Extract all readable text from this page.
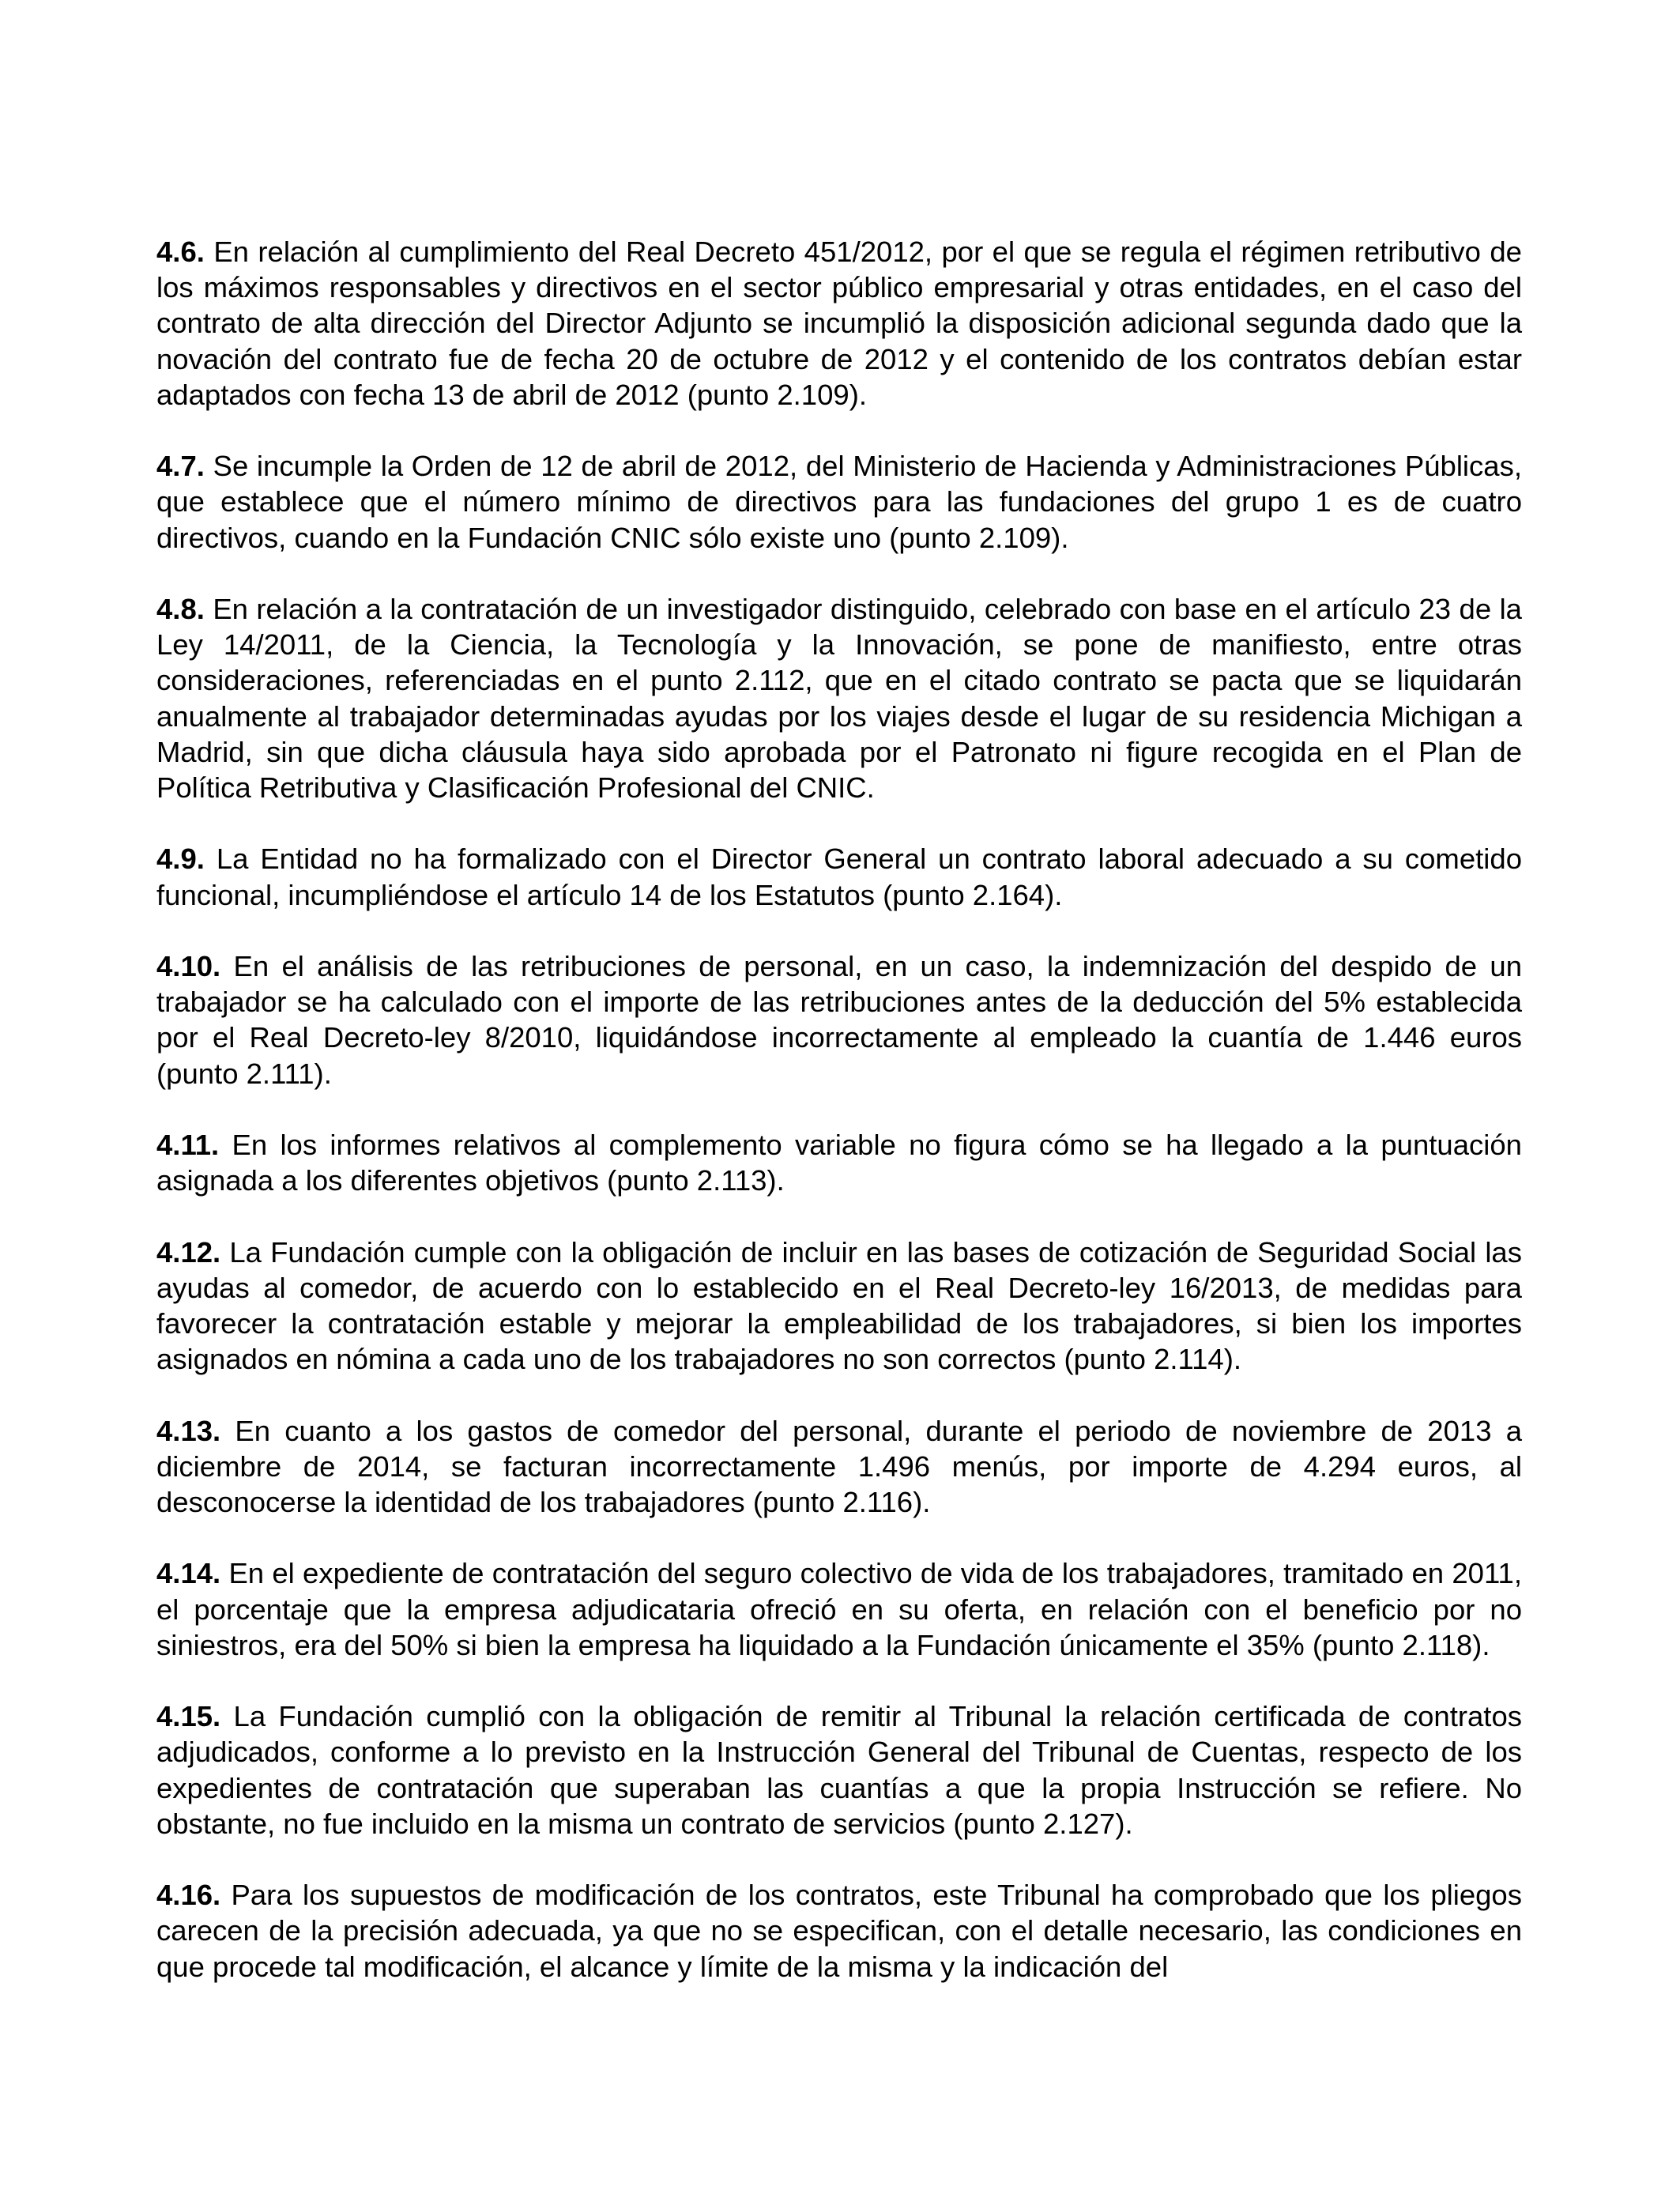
4.6. En relación al cumplimiento del Real Decreto 451/2012, por el que se regula el régimen retributivo de los máximos responsables y directivos en el sector público empresarial y otras entidades, en el caso del contrato de alta dirección del Director Adjunto se incumplió la disposición adicional segunda dado que la novación del contrato fue de fecha 20 de octubre de 2012 y el contenido de los contratos debían estar adaptados con fecha 13 de abril de 2012 (punto 2.109).

4.7. Se incumple la Orden de 12 de abril de 2012, del Ministerio de Hacienda y Administraciones Públicas, que establece que el número mínimo de directivos para las fundaciones del grupo 1 es de cuatro directivos, cuando en la Fundación CNIC sólo existe uno (punto 2.109).

4.8. En relación a la contratación de un investigador distinguido, celebrado con base en el artículo 23 de la Ley 14/2011, de la Ciencia, la Tecnología y la Innovación, se pone de manifiesto, entre otras consideraciones, referenciadas en el punto 2.112, que en el citado contrato se pacta que se liquidarán anualmente al trabajador determinadas ayudas por los viajes desde el lugar de su residencia Michigan a Madrid, sin que dicha cláusula haya sido aprobada por el Patronato ni figure recogida en el Plan de Política Retributiva y Clasificación Profesional del CNIC.

4.9. La Entidad no ha formalizado con el Director General un contrato laboral adecuado a su cometido funcional, incumpliéndose el artículo 14 de los Estatutos (punto 2.164).

4.10. En el análisis de las retribuciones de personal, en un caso, la indemnización del despido de un trabajador se ha calculado con el importe de las retribuciones antes de la deducción del 5% establecida por el Real Decreto-ley 8/2010, liquidándose incorrectamente al empleado la cuantía de 1.446 euros (punto 2.111).

4.11. En los informes relativos al complemento variable no figura cómo se ha llegado a la puntuación asignada a los diferentes objetivos (punto 2.113).

4.12. La Fundación cumple con la obligación de incluir en las bases de cotización de Seguridad Social las ayudas al comedor, de acuerdo con lo establecido en el Real Decreto-ley 16/2013, de medidas para favorecer la contratación estable y mejorar la empleabilidad de los trabajadores, si bien los importes asignados en nómina a cada uno de los trabajadores no son correctos (punto 2.114).

4.13. En cuanto a los gastos de comedor del personal, durante el periodo de noviembre de 2013 a diciembre de 2014, se facturan incorrectamente 1.496 menús, por importe de 4.294 euros, al desconocerse la identidad de los trabajadores (punto 2.116).

4.14. En el expediente de contratación del seguro colectivo de vida de los trabajadores, tramitado en 2011, el porcentaje que la empresa adjudicataria ofreció en su oferta, en relación con el beneficio por no siniestros, era del 50% si bien la empresa ha liquidado a la Fundación únicamente el 35% (punto 2.118).

4.15. La Fundación cumplió con la obligación de remitir al Tribunal la relación certificada de contratos adjudicados, conforme a lo previsto en la Instrucción General del Tribunal de Cuentas, respecto de los expedientes de contratación que superaban las cuantías a que la propia Instrucción se refiere. No obstante, no fue incluido en la misma un contrato de servicios (punto 2.127).

4.16. Para los supuestos de modificación de los contratos, este Tribunal ha comprobado que los pliegos carecen de la precisión adecuada, ya que no se especifican, con el detalle necesario, las condiciones en que procede tal modificación, el alcance y límite de la misma y la indicación del
